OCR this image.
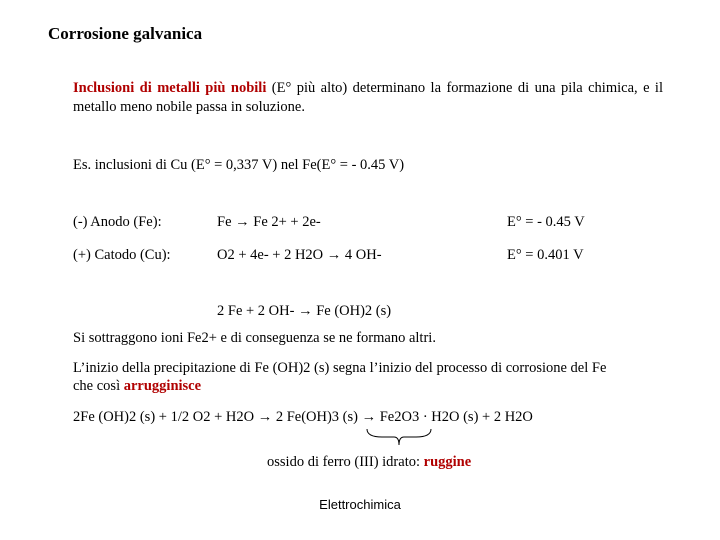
Corrosione galvanica
Inclusioni di metalli più nobili (E° più alto) determinano la formazione di una pila chimica, e il metallo meno nobile passa in soluzione.
Es. inclusioni di Cu (E° = 0,337 V) nel Fe(E° = - 0.45 V)
(-) Anodo (Fe):	Fe → Fe 2+ + 2e-	E° = - 0.45 V
(+) Catodo (Cu):	O2 + 4e- + 2 H2O → 4 OH-	E° = 0.401 V
2 Fe + 2 OH- → Fe (OH)2 (s)
Si sottraggono ioni Fe2+ e di conseguenza se ne formano altri.
L’inizio della precipitazione di Fe (OH)2 (s) segna l’inizio del processo di corrosione del Fe
che così arrugginisce
2Fe (OH)2 (s) + 1/2 O2 + H2O → 2 Fe(OH)3 (s) → Fe2O3 · H2O (s) + 2 H2O
ossido di ferro (III) idrato: ruggine
Elettrochimica
